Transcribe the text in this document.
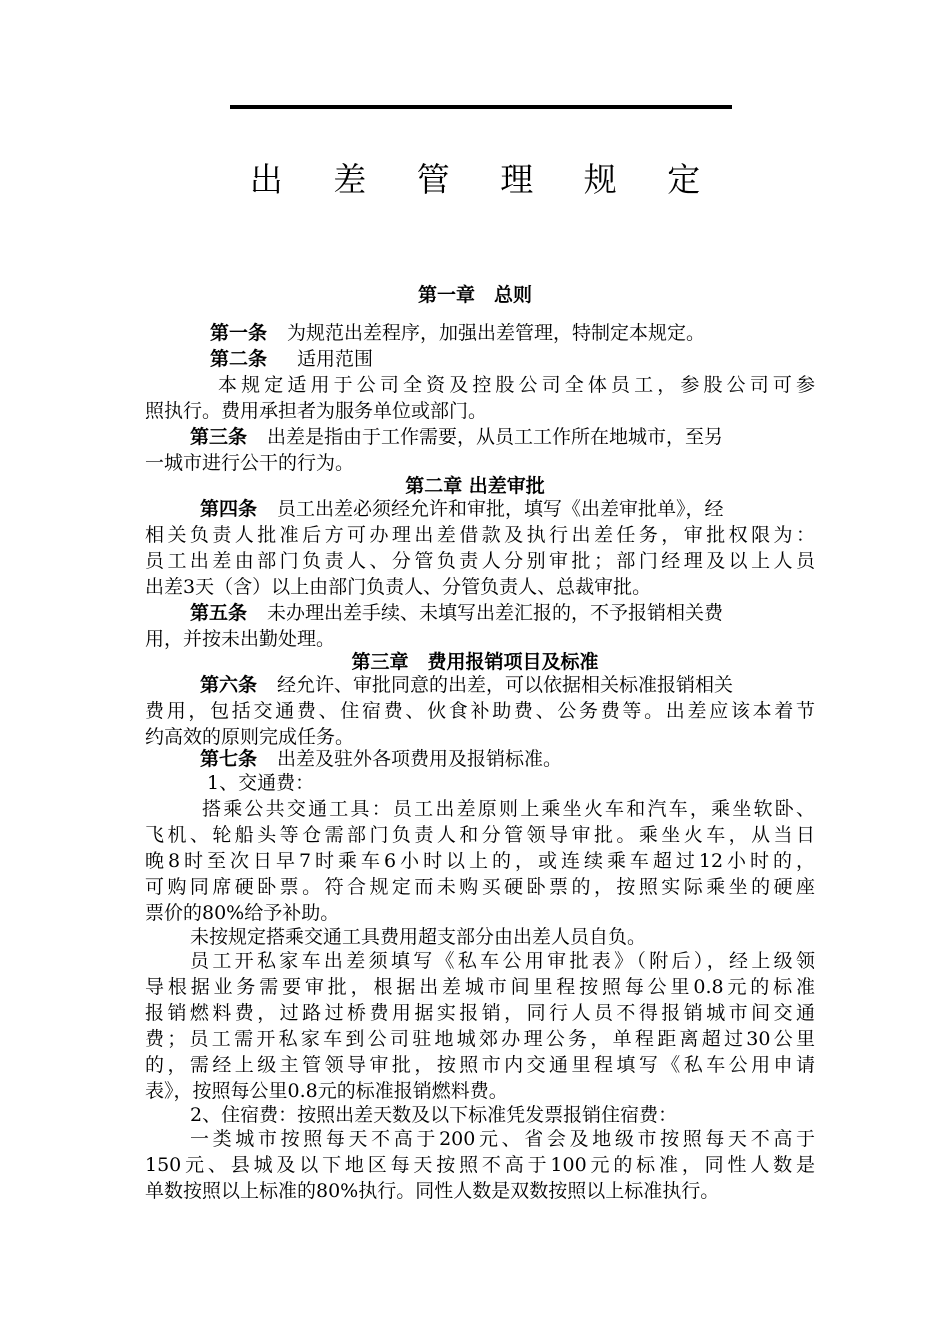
出 差 管 理 规 定
第一章　总则
第一条 为规范出差程序，加强出差管理，特制定本规定。
第二条 适用范围
本规定适用于公司全资及控股公司全体员工，参股公司可参
照执行。费用承担者为服务单位或部门。
第三条 出差是指由于工作需要，从员工工作所在地城市，至另
一城市进行公干的行为。
第二章 出差审批
第四条 员工出差必须经允许和审批，填写《出差审批单》，经
相关负责人批准后方可办理出差借款及执行出差任务，审批权限为：
员工出差由部门负责人、分管负责人分别审批；部门经理及以上人员
出差3天（含）以上由部门负责人、分管负责人、总裁审批。
第五条 未办理出差手续、未填写出差汇报的，不予报销相关费
用，并按未出勤处理。
第三章　费用报销项目及标准
第六条 经允许、审批同意的出差，可以依据相关标准报销相关
费用，包括交通费、住宿费、伙食补助费、公务费等。出差应该本着节
约高效的原则完成任务。
第七条 出差及驻外各项费用及报销标准。
1、交通费：
搭乘公共交通工具：员工出差原则上乘坐火车和汽车，乘坐软卧、
飞机、轮船头等仓需部门负责人和分管领导审批。乘坐火车，从当日
晚8时至次日早7时乘车6小时以上的，或连续乘车超过12小时的，
可购同席硬卧票。符合规定而未购买硬卧票的，按照实际乘坐的硬座
票价的80%给予补助。
未按规定搭乘交通工具费用超支部分由出差人员自负。
员工开私家车出差须填写《私车公用审批表》（附后），经上级领
导根据业务需要审批，根据出差城市间里程按照每公里0.8元的标准
报销燃料费，过路过桥费用据实报销，同行人员不得报销城市间交通
费；员工需开私家车到公司驻地城郊办理公务，单程距离超过30公里
的，需经上级主管领导审批，按照市内交通里程填写《私车公用申请
表》，按照每公里0.8元的标准报销燃料费。
2、住宿费：按照出差天数及以下标准凭发票报销住宿费：
一类城市按照每天不高于200元、省会及地级市按照每天不高于
150元、县城及以下地区每天按照不高于100元的标准，同性人数是
单数按照以上标准的80%执行。同性人数是双数按照以上标准执行。
